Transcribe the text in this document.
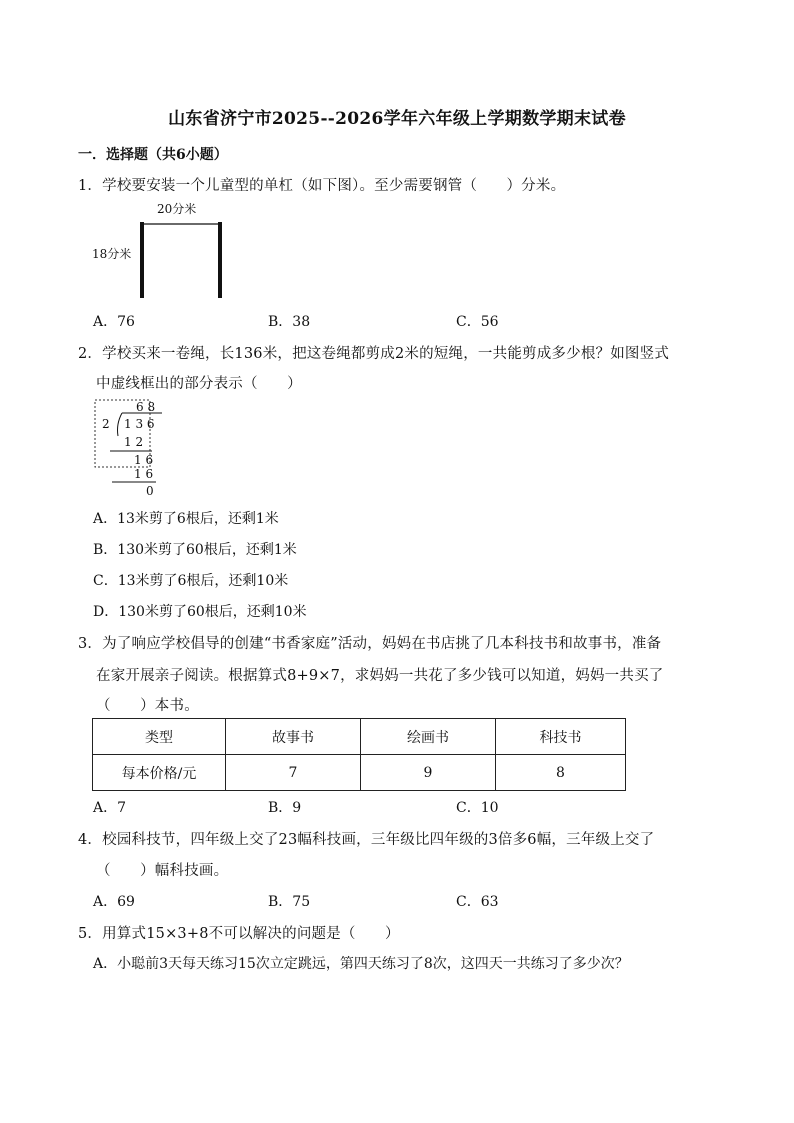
山东省济宁市2025--2026学年六年级上学期数学期末试卷
一．选择题（共6小题）
1．学校要安装一个儿童型的单杠（如下图）。至少需要钢管（　　）分米。
20分米
18分米
A．76	B．38	C．56
2．学校买来一卷绳，长136米，把这卷绳都剪成2米的短绳，一共能剪成多少根？如图竖式
中虚线框出的部分表示（　　）
6 8
2 1 3 6
1 2
1 6
1 6
0
A．13米剪了6根后，还剩1米
B．130米剪了60根后，还剩1米
C．13米剪了6根后，还剩10米
D．130米剪了60根后，还剩10米
3．为了响应学校倡导的创建“书香家庭”活动，妈妈在书店挑了几本科技书和故事书，准备
在家开展亲子阅读。根据算式8+9×7，求妈妈一共花了多少钱可以知道，妈妈一共买了
（　　）本书。
类型	故事书	绘画书	科技书
每本价格/元	7	9	8
A．7	B．9	C．10
4．校园科技节，四年级上交了23幅科技画，三年级比四年级的3倍多6幅，三年级上交了
（　　）幅科技画。
A．69	B．75	C．63
5．用算式15×3+8不可以解决的问题是（　　）
A．小聪前3天每天练习15次立定跳远，第四天练习了8次，这四天一共练习了多少次？
